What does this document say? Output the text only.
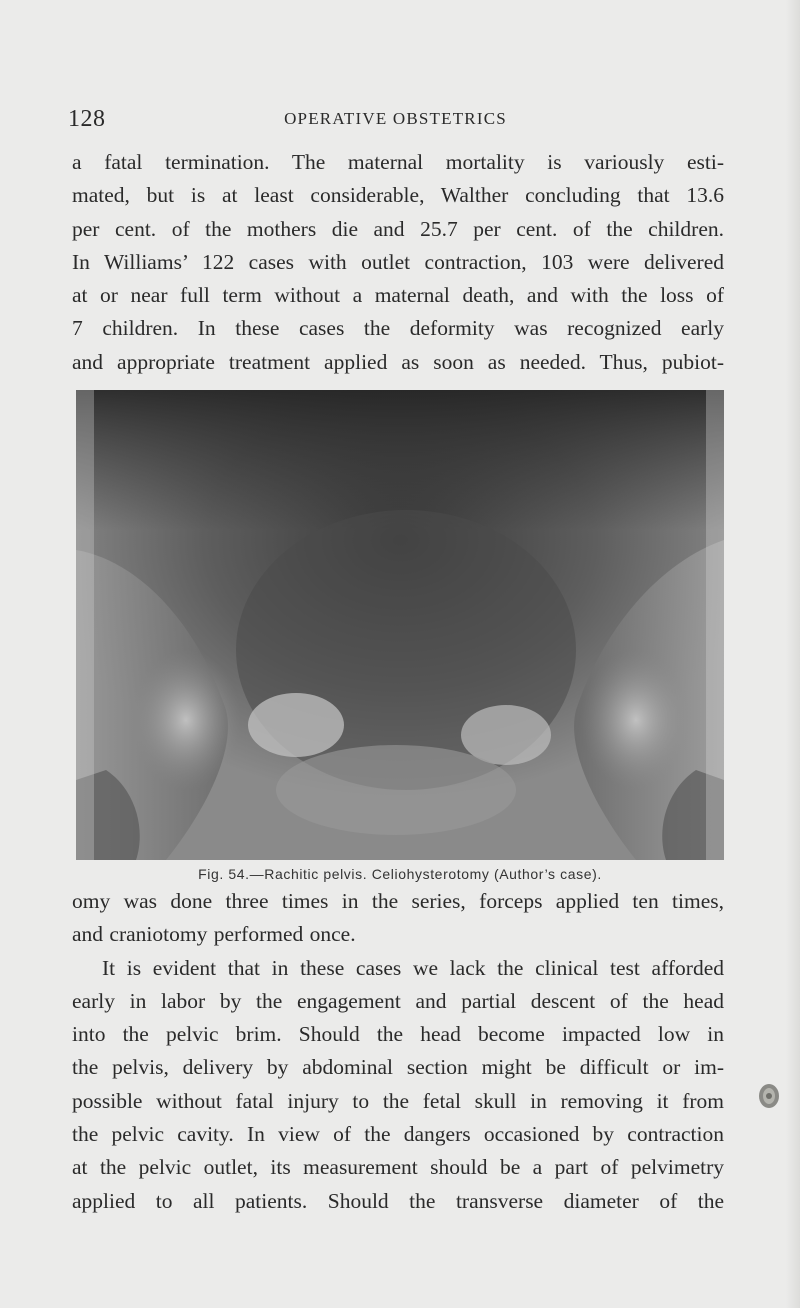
128	OPERATIVE OBSTETRICS

a fatal termination. The maternal mortality is variously esti-
mated, but is at least considerable, Walther concluding that 13.6
per cent. of the mothers die and 25.7 per cent. of the children.
In Williams’ 122 cases with outlet contraction, 103 were delivered
at or near full term without a maternal death, and with the loss of
7 children. In these cases the deformity was recognized early
and appropriate treatment applied as soon as needed. Thus, pubiot-

Fig. 54.—Rachitic pelvis. Celiohysterotomy (Author’s case).

omy was done three times in the series, forceps applied ten times,
and craniotomy performed once.
It is evident that in these cases we lack the clinical test afforded
early in labor by the engagement and partial descent of the head
into the pelvic brim. Should the head become impacted low in
the pelvis, delivery by abdominal section might be difficult or im-
possible without fatal injury to the fetal skull in removing it from
the pelvic cavity. In view of the dangers occasioned by contraction
at the pelvic outlet, its measurement should be a part of pelvimetry
applied to all patients. Should the transverse diameter of the
